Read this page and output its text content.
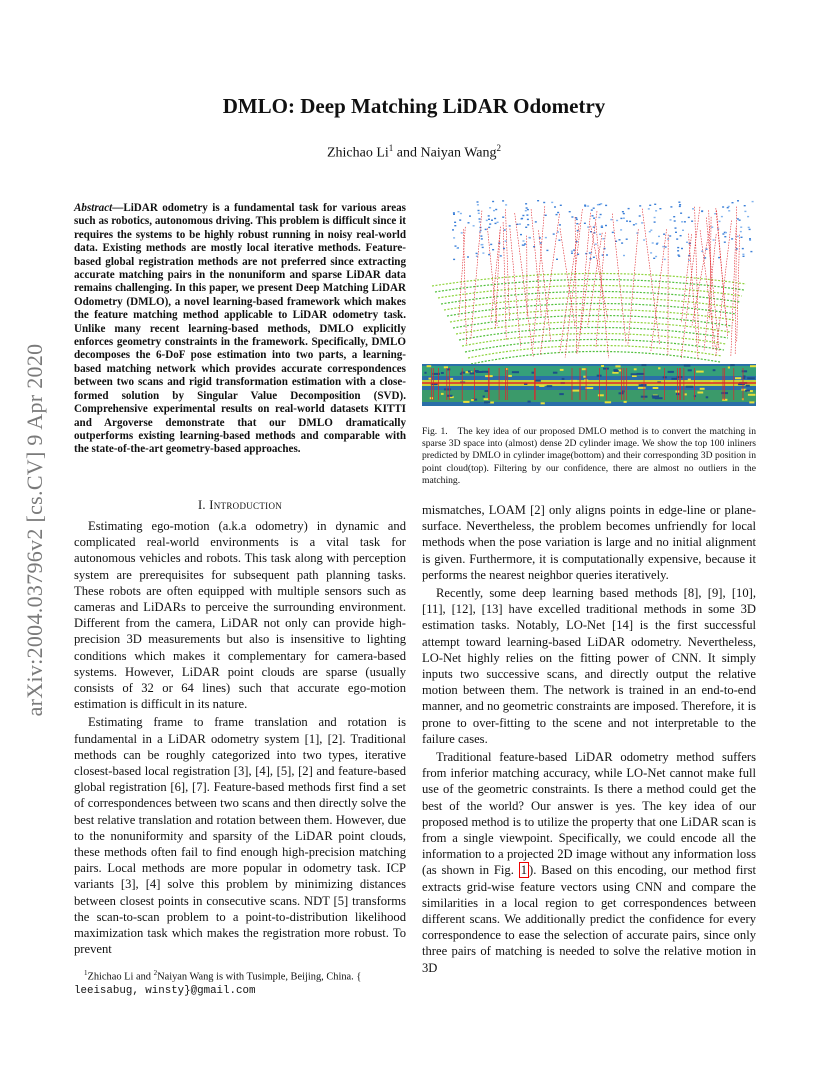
arXiv:2004.03796v2 [cs.CV] 9 Apr 2020
DMLO: Deep Matching LiDAR Odometry

Zhichao Li$^1$ and Naiyan Wang$^2$

Abstract—LiDAR odometry is a fundamental task for various areas such as robotics, autonomous driving. This problem is difficult since it requires the systems to be highly robust running in noisy real-world data. Existing methods are mostly local iterative methods. Feature-based global registration methods are not preferred since extracting accurate matching pairs in the nonuniform and sparse LiDAR data remains challenging. In this paper, we present Deep Matching LiDAR Odometry (DMLO), a novel learning-based framework which makes the feature matching method applicable to LiDAR odometry task. Unlike many recent learning-based methods, DMLO explicitly enforces geometry constraints in the framework. Specifically, DMLO decomposes the 6-DoF pose estimation into two parts, a learning-based matching network which provides accurate correspondences between two scans and rigid transformation estimation with a close-formed solution by Singular Value Decomposition (SVD). Comprehensive experimental results on real-world datasets KITTI and Argoverse demonstrate that our DMLO dramatically outperforms existing learning-based methods and comparable with the state-of-the-art geometry-based approaches.

I. Introduction

Estimating ego-motion (a.k.a odometry) in dynamic and complicated real-world environments is a vital task for autonomous vehicles and robots. This task along with perception system are prerequisites for subsequent path planning tasks. These robots are often equipped with multiple sensors such as cameras and LiDARs to perceive the surrounding environment. Different from the camera, LiDAR not only can provide high-precision 3D measurements but also is insensitive to lighting conditions which makes it complementary for camera-based systems. However, LiDAR point clouds are sparse (usually consists of 32 or 64 lines) such that accurate ego-motion estimation is difficult in its nature.

Estimating frame to frame translation and rotation is fundamental in a LiDAR odometry system [1], [2]. Traditional methods can be roughly categorized into two types, iterative closest-based local registration [3], [4], [5], [2] and feature-based global registration [6], [7]. Feature-based methods first find a set of correspondences between two scans and then directly solve the best relative translation and rotation between them. However, due to the nonuniformity and sparsity of the LiDAR point clouds, these methods often fail to find enough high-precision matching pairs. Local methods are more popular in odometry task. ICP variants [3], [4] solve this problem by minimizing distances between closest points in consecutive scans. NDT [5] transforms the scan-to-scan problem to a point-to-distribution likelihood maximization task which makes the registration more robust. To prevent

$^1$Zhichao Li and $^2$Naiyan Wang is with Tusimple, Beijing, China. {
leeisabug, winsty}@gmail.com

Fig. 1. The key idea of our proposed DMLO method is to convert the matching in sparse 3D space into (almost) dense 2D cylinder image. We show the top 100 inliners predicted by DMLO in cylinder image(bottom) and their corresponding 3D position in point cloud(top). Filtering by our confidence, there are almost no outliers in the matching.

mismatches, LOAM [2] only aligns points in edge-line or plane-surface. Nevertheless, the problem becomes unfriendly for local methods when the pose variation is large and no initial alignment is given. Furthermore, it is computationally expensive, because it performs the nearest neighbor queries iteratively.

Recently, some deep learning based methods [8], [9], [10], [11], [12], [13] have excelled traditional methods in some 3D estimation tasks. Notably, LO-Net [14] is the first successful attempt toward learning-based LiDAR odometry. Nevertheless, LO-Net highly relies on the fitting power of CNN. It simply inputs two successive scans, and directly output the relative motion between them. The network is trained in an end-to-end manner, and no geometric constraints are imposed. Therefore, it is prone to over-fitting to the scene and not interpretable to the failure cases.

Traditional feature-based LiDAR odometry method suffers from inferior matching accuracy, while LO-Net cannot make full use of the geometric constraints. Is there a method could get the best of the world? Our answer is yes. The key idea of our proposed method is to utilize the property that one LiDAR scan is from a single viewpoint. Specifically, we could encode all the information to a projected 2D image without any information loss (as shown in Fig. 1 ). Based on this encoding, our method first extracts grid-wise feature vectors using CNN and compare the similarities in a local region to get correspondences between different scans. We additionally predict the confidence for every correspondence to ease the selection of accurate pairs, since only three pairs of matching is needed to solve the relative motion in 3D
